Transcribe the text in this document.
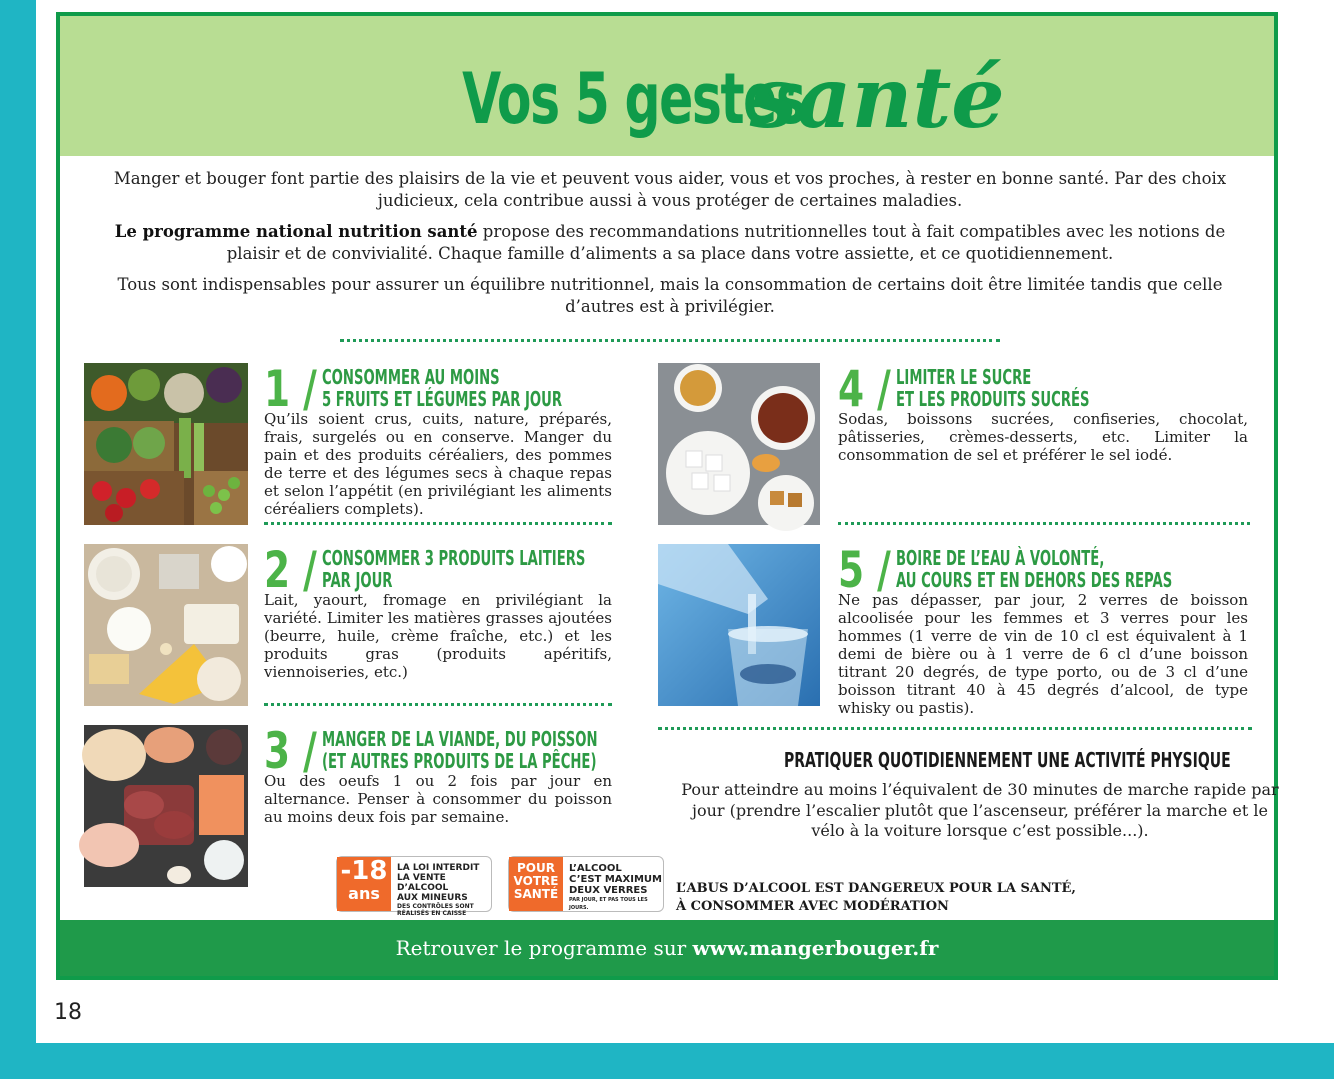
Vos 5 gestes santé

Manger et bouger font partie des plaisirs de la vie et peuvent vous aider, vous et vos proches, à rester en bonne santé. Par des choix judicieux, cela contribue aussi à vous protéger de certaines maladies.

Le programme national nutrition santé propose des recommandations nutritionnelles tout à fait compatibles avec les notions de plaisir et de convivialité. Chaque famille d’aliments a sa place dans votre assiette, et ce quotidiennement.

Tous sont indispensables pour assurer un équilibre nutritionnel, mais la consommation de certains doit être limitée tandis que celle d’autres est à privilégier.

1 / CONSOMMER AU MOINS
5 FRUITS ET LÉGUMES PAR JOUR
Qu’ils soient crus, cuits, nature, préparés, frais, surgelés ou en conserve. Manger du pain et des produits céréaliers, des pommes de terre et des légumes secs à chaque repas et selon l’appétit (en privilégiant les aliments céréaliers complets).
2 / CONSOMMER 3 PRODUITS LAITIERS
PAR JOUR
Lait, yaourt, fromage en privilégiant la variété. Limiter les matières grasses ajoutées (beurre, huile, crème fraîche, etc.) et les produits gras (produits apéritifs, viennoiseries, etc.)
3 / MANGER DE LA VIANDE, DU POISSON
(ET AUTRES PRODUITS DE LA PÊCHE)
Ou des oeufs 1 ou 2 fois par jour en alternance. Penser à consommer du poisson au moins deux fois par semaine.
4 / LIMITER LE SUCRE
ET LES PRODUITS SUCRÉS
Sodas, boissons sucrées, confiseries, chocolat, pâtisseries, crèmes-desserts, etc. Limiter la consommation de sel et préférer le sel iodé.
5 / BOIRE DE L’EAU À VOLONTÉ,
AU COURS ET EN DEHORS DES REPAS
Ne pas dépasser, par jour, 2 verres de boisson alcoolisée pour les femmes et 3 verres pour les hommes (1 verre de vin de 10 cl est équivalent à 1 demi de bière ou à 1 verre de 6 cl d’une boisson titrant 20 degrés, de type porto, ou de 3 cl d’une boisson titrant 40 à 45 degrés d’alcool, de type whisky ou pastis).
PRATIQUER QUOTIDIENNEMENT UNE ACTIVITÉ PHYSIQUE
Pour atteindre au moins l’équivalent de 30 minutes de marche rapide par jour (prendre l’escalier plutôt que l’ascenseur, préférer la marche et le vélo à la voiture lorsque c’est possible...).
-18
ans
LA LOI INTERDIT
LA VENTE D’ALCOOL
AUX MINEURS
DES CONTRÔLES SONT
RÉALISÉS EN CAISSE
POUR
VOTRE
SANTÉ
L’ALCOOL
C’EST MAXIMUM
DEUX VERRES
PAR JOUR, ET PAS TOUS LES JOURS.
L’ABUS D’ALCOOL EST DANGEREUX POUR LA SANTÉ,
À CONSOMMER AVEC MODÉRATION
Retrouver le programme sur www.mangerbouger.fr
18
